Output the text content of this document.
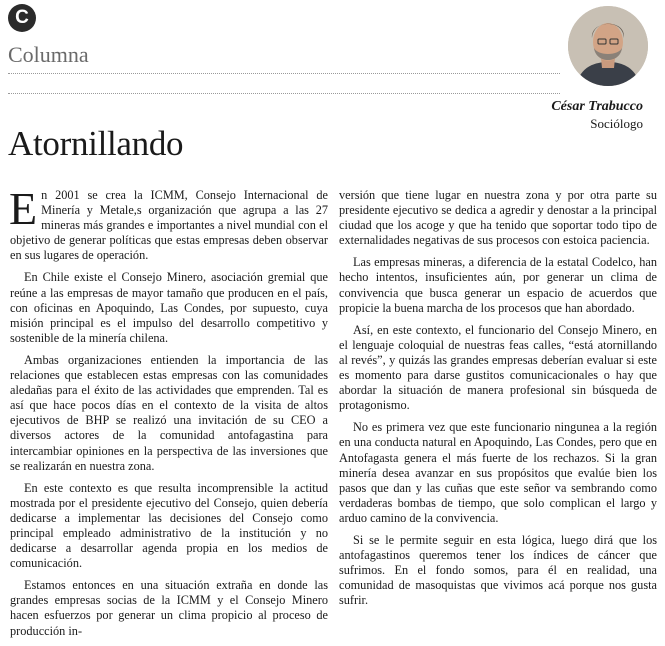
C
Columna
César Trabucco
Sociólogo
Atornillando

En 2001 se crea la ICMM, Consejo Internacional de Minería y Metale,s organización que agrupa a las 27 mineras más grandes e importantes a nivel mundial con el objetivo de generar políticas que estas empresas deben observar en sus lugares de operación.

En Chile existe el Consejo Minero, asociación gremial que reúne a las empresas de mayor tamaño que producen en el país, con oficinas en Apoquindo, Las Condes, por supuesto, cuya misión principal es el impulso del desarrollo competitivo y sostenible de la minería chilena.

Ambas organizaciones entienden la importancia de las relaciones que establecen estas empresas con las comunidades aledañas para el éxito de las actividades que emprenden. Tal es así que hace pocos días en el contexto de la visita de altos ejecutivos de BHP se realizó una invitación de su CEO a diversos actores de la comunidad antofagastina para intercambiar opiniones en la perspectiva de las inversiones que se realizarán en nuestra zona.

En este contexto es que resulta incomprensible la actitud mostrada por el presidente ejecutivo del Consejo, quien debería dedicarse a implementar las decisiones del Consejo como principal empleado administrativo de la institución y no dedicarse a desarrollar agenda propia en los medios de comunicación.

Estamos entonces en una situación extraña en donde las grandes empresas socias de la ICMM y el Consejo Minero hacen esfuerzos por generar un clima propicio al proceso de producción in-

versión que tiene lugar en nuestra zona y por otra parte su presidente ejecutivo se dedica a agredir y denostar a la principal ciudad que los acoge y que ha tenido que soportar todo tipo de externalidades negativas de sus procesos con estoica paciencia.

Las empresas mineras, a diferencia de la estatal Codelco, han hecho intentos, insuficientes aún, por generar un clima de convivencia que busca generar un espacio de acuerdos que propicie la buena marcha de los procesos que han abordado.

Así, en este contexto, el funcionario del Consejo Minero, en el lenguaje coloquial de nuestras feas calles, “está atornillando al revés”, y quizás las grandes empresas deberían evaluar si este es momento para darse gustitos comunicacionales o hay que abordar la situación de manera profesional sin búsqueda de protagonismo.

No es primera vez que este funcionario ningunea a la región en una conducta natural en Apoquindo, Las Condes, pero que en Antofagasta genera el más fuerte de los rechazos. Si la gran minería desea avanzar en sus propósitos que evalúe bien los pasos que dan y las cuñas que este señor va sembrando como verdaderas bombas de tiempo, que solo complican el largo y arduo camino de la convivencia.

Si se le permite seguir en esta lógica, luego dirá que los antofagastinos queremos tener los índices de cáncer que sufrimos. En el fondo somos, para él en realidad, una comunidad de masoquistas que vivimos acá porque nos gusta sufrir.
